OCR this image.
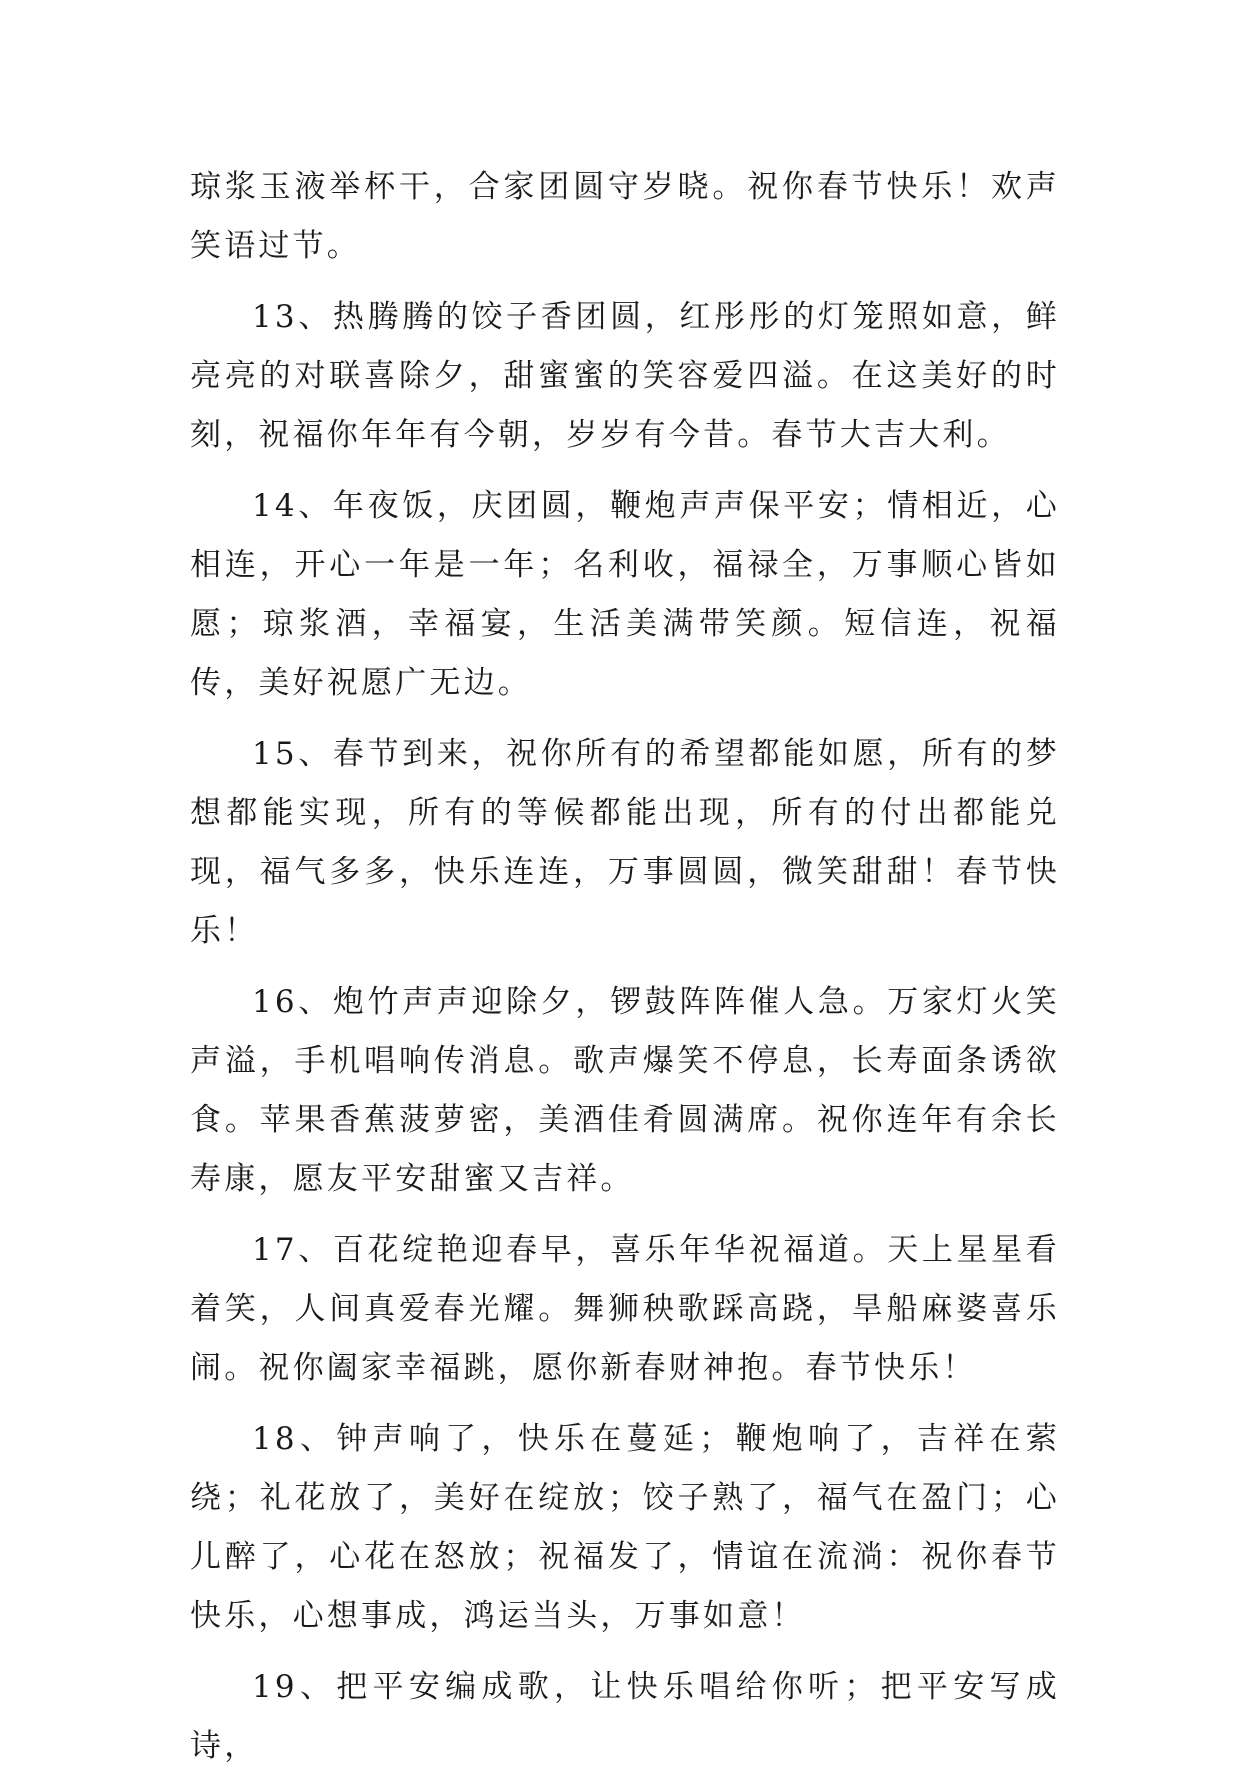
琼浆玉液举杯干，合家团圆守岁晓。祝你春节快乐！欢声笑语过节。

13、热腾腾的饺子香团圆，红彤彤的灯笼照如意，鲜亮亮的对联喜除夕，甜蜜蜜的笑容爱四溢。在这美好的时刻，祝福你年年有今朝，岁岁有今昔。春节大吉大利。

14、年夜饭，庆团圆，鞭炮声声保平安；情相近，心相连，开心一年是一年；名利收，福禄全，万事顺心皆如愿；琼浆酒，幸福宴，生活美满带笑颜。短信连，祝福传，美好祝愿广无边。

15、春节到来，祝你所有的希望都能如愿，所有的梦想都能实现，所有的等候都能出现，所有的付出都能兑现，福气多多，快乐连连，万事圆圆，微笑甜甜！春节快乐！

16、炮竹声声迎除夕，锣鼓阵阵催人急。万家灯火笑声溢，手机唱响传消息。歌声爆笑不停息，长寿面条诱欲食。苹果香蕉菠萝密，美酒佳肴圆满席。祝你连年有余长寿康，愿友平安甜蜜又吉祥。

17、百花绽艳迎春早，喜乐年华祝福道。天上星星看着笑，人间真爱春光耀。舞狮秧歌踩高跷，旱船麻婆喜乐闹。祝你阖家幸福跳，愿你新春财神抱。春节快乐！

18、钟声响了，快乐在蔓延；鞭炮响了，吉祥在萦绕；礼花放了，美好在绽放；饺子熟了，福气在盈门；心儿醉了，心花在怒放；祝福发了，情谊在流淌：祝你春节快乐，心想事成，鸿运当头，万事如意！

19、把平安编成歌，让快乐唱给你听；把平安写成诗，
